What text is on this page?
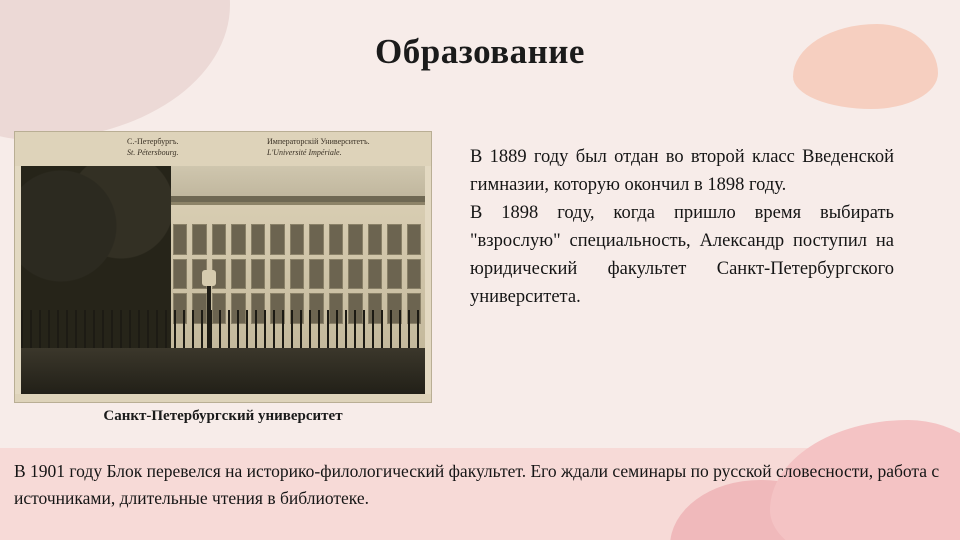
Образование
С.-Петербургъ.
St. Pétersbourg.
Императорскiй Университетъ.
L'Université Impériale.
Санкт-Петербургский университет

В 1889 году был отдан во второй класс Введенской гимназии, которую окончил в 1898 году.

В 1898 году, когда пришло время выбирать "взрослую" специальность, Александр поступил на юридический факультет Санкт-Петербургского университета.

В 1901 году Блок перевелся на историко-филологический факультет. Его ждали семинары по русской словесности, работа с источниками, длительные чтения в библиотеке.
